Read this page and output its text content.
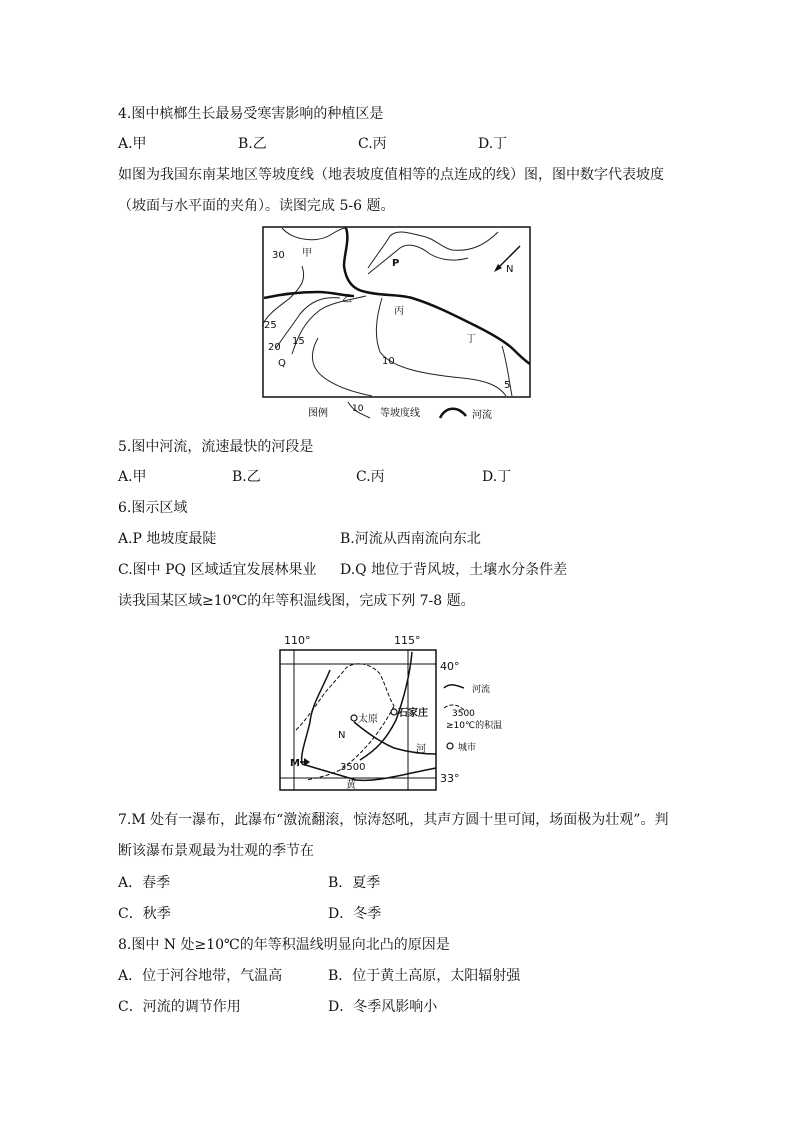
4.图中槟榔生长最易受寒害影响的种植区是
A.甲	B.乙	C.丙	D.丁
如图为我国东南某地区等坡度线（地表坡度值相等的点连成的线）图，图中数字代表坡度
（坡面与水平面的夹角）。读图完成 5-6 题。
30 甲
P
N
乙
丙
25
15
20
Q
丁
10
5
图例	10 等坡度线	河流
5.图中河流，流速最快的河段是
A.甲	B.乙	C.丙	D.丁
6.图示区域
A.P 地坡度最陡	B.河流从西南流向东北
C.图中 PQ 区域适宜发展林果业 D.Q 地位于背风坡，土壤水分条件差
读我国某区域≥10℃的年等积温线图，完成下列 7-8 题。
110°	115°
太原
石家庄
M
N
3500
黄
河
40°
33°
河流
3500
≥10℃的积温
城市
7.M 处有一瀑布，此瀑布“激流翻滚，惊涛怒吼，其声方圆十里可闻，场面极为壮观”。判
断该瀑布景观最为壮观的季节在
A．春季	B．夏季
C．秋季	D．冬季
8.图中 N 处≥10℃的年等积温线明显向北凸的原因是
A．位于河谷地带，气温高	B．位于黄土高原，太阳辐射强
C．河流的调节作用	D．冬季风影响小
